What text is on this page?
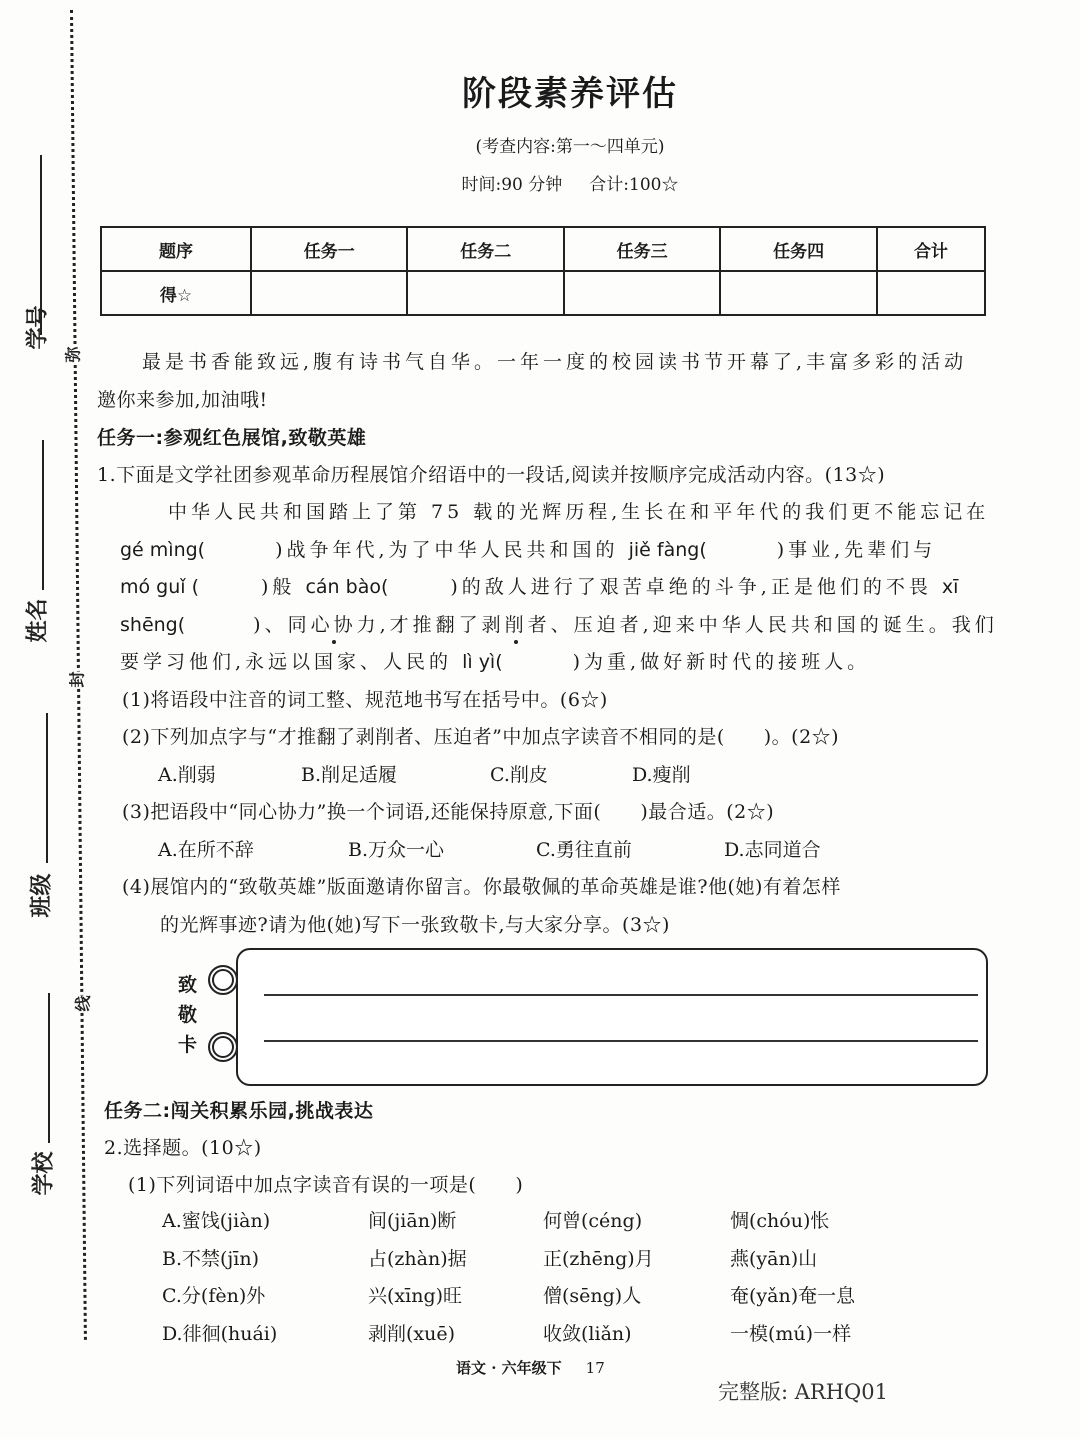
学号
姓名
班级
学校
弥
封
线
阶段素养评估
(考查内容:第一～四单元)
时间:90 分钟 合计:100☆
题序	任务一	任务二	任务三	任务四	合计
得☆					
最是书香能致远,腹有诗书气自华。一年一度的校园读书节开幕了,丰富多彩的活动
邀你来参加,加油哦!
任务一:参观红色展馆,致敬英雄
1.下面是文学社团参观革命历程展馆介绍语中的一段话,阅读并按顺序完成活动内容。(13☆)
中华人民共和国踏上了第 75 载的光辉历程,生长在和平年代的我们更不能忘记在
gé mìng(	)战争年代,为了中华人民共和国的 jiě fàng(	)事业,先辈们与
mó guǐ (	)般 cán bào(	)的敌人进行了艰苦卓绝的斗争,正是他们的不畏 xī
shēng(	)、同心协力,才推翻了剥削者、压迫者,迎来中华人民共和国的诞生。我们
要学习他们,永远以国家、人民的 lì yì(	)为重,做好新时代的接班人。
(1)将语段中注音的词工整、规范地书写在括号中。(6☆)
(2)下列加点字与“才推翻了剥削者、压迫者”中加点字读音不相同的是(　　)。(2☆)
A.削弱	B.削足适履	C.削皮	D.瘦削
(3)把语段中“同心协力”换一个词语,还能保持原意,下面(　　)最合适。(2☆)
A.在所不辞	B.万众一心	C.勇往直前	D.志同道合
(4)展馆内的“致敬英雄”版面邀请你留言。你最敬佩的革命英雄是谁?他(她)有着怎样
的光辉事迹?请为他(她)写下一张致敬卡,与大家分享。(3☆)
致
敬
卡
任务二:闯关积累乐园,挑战表达
2.选择题。(10☆)
(1)下列词语中加点字读音有误的一项是(　　)
A.蜜饯(jiàn)	间(jiān)断	何曾(céng)	惆(chóu)怅
B.不禁(jīn)	占(zhàn)据	正(zhēng)月	燕(yān)山
C.分(fèn)外	兴(xīng)旺	僧(sēng)人	奄(yǎn)奄一息
D.徘徊(huái)	剥削(xuē)	收敛(liǎn)	一模(mú)一样
语文 · 六年级下 17
完整版: ARHQ01
